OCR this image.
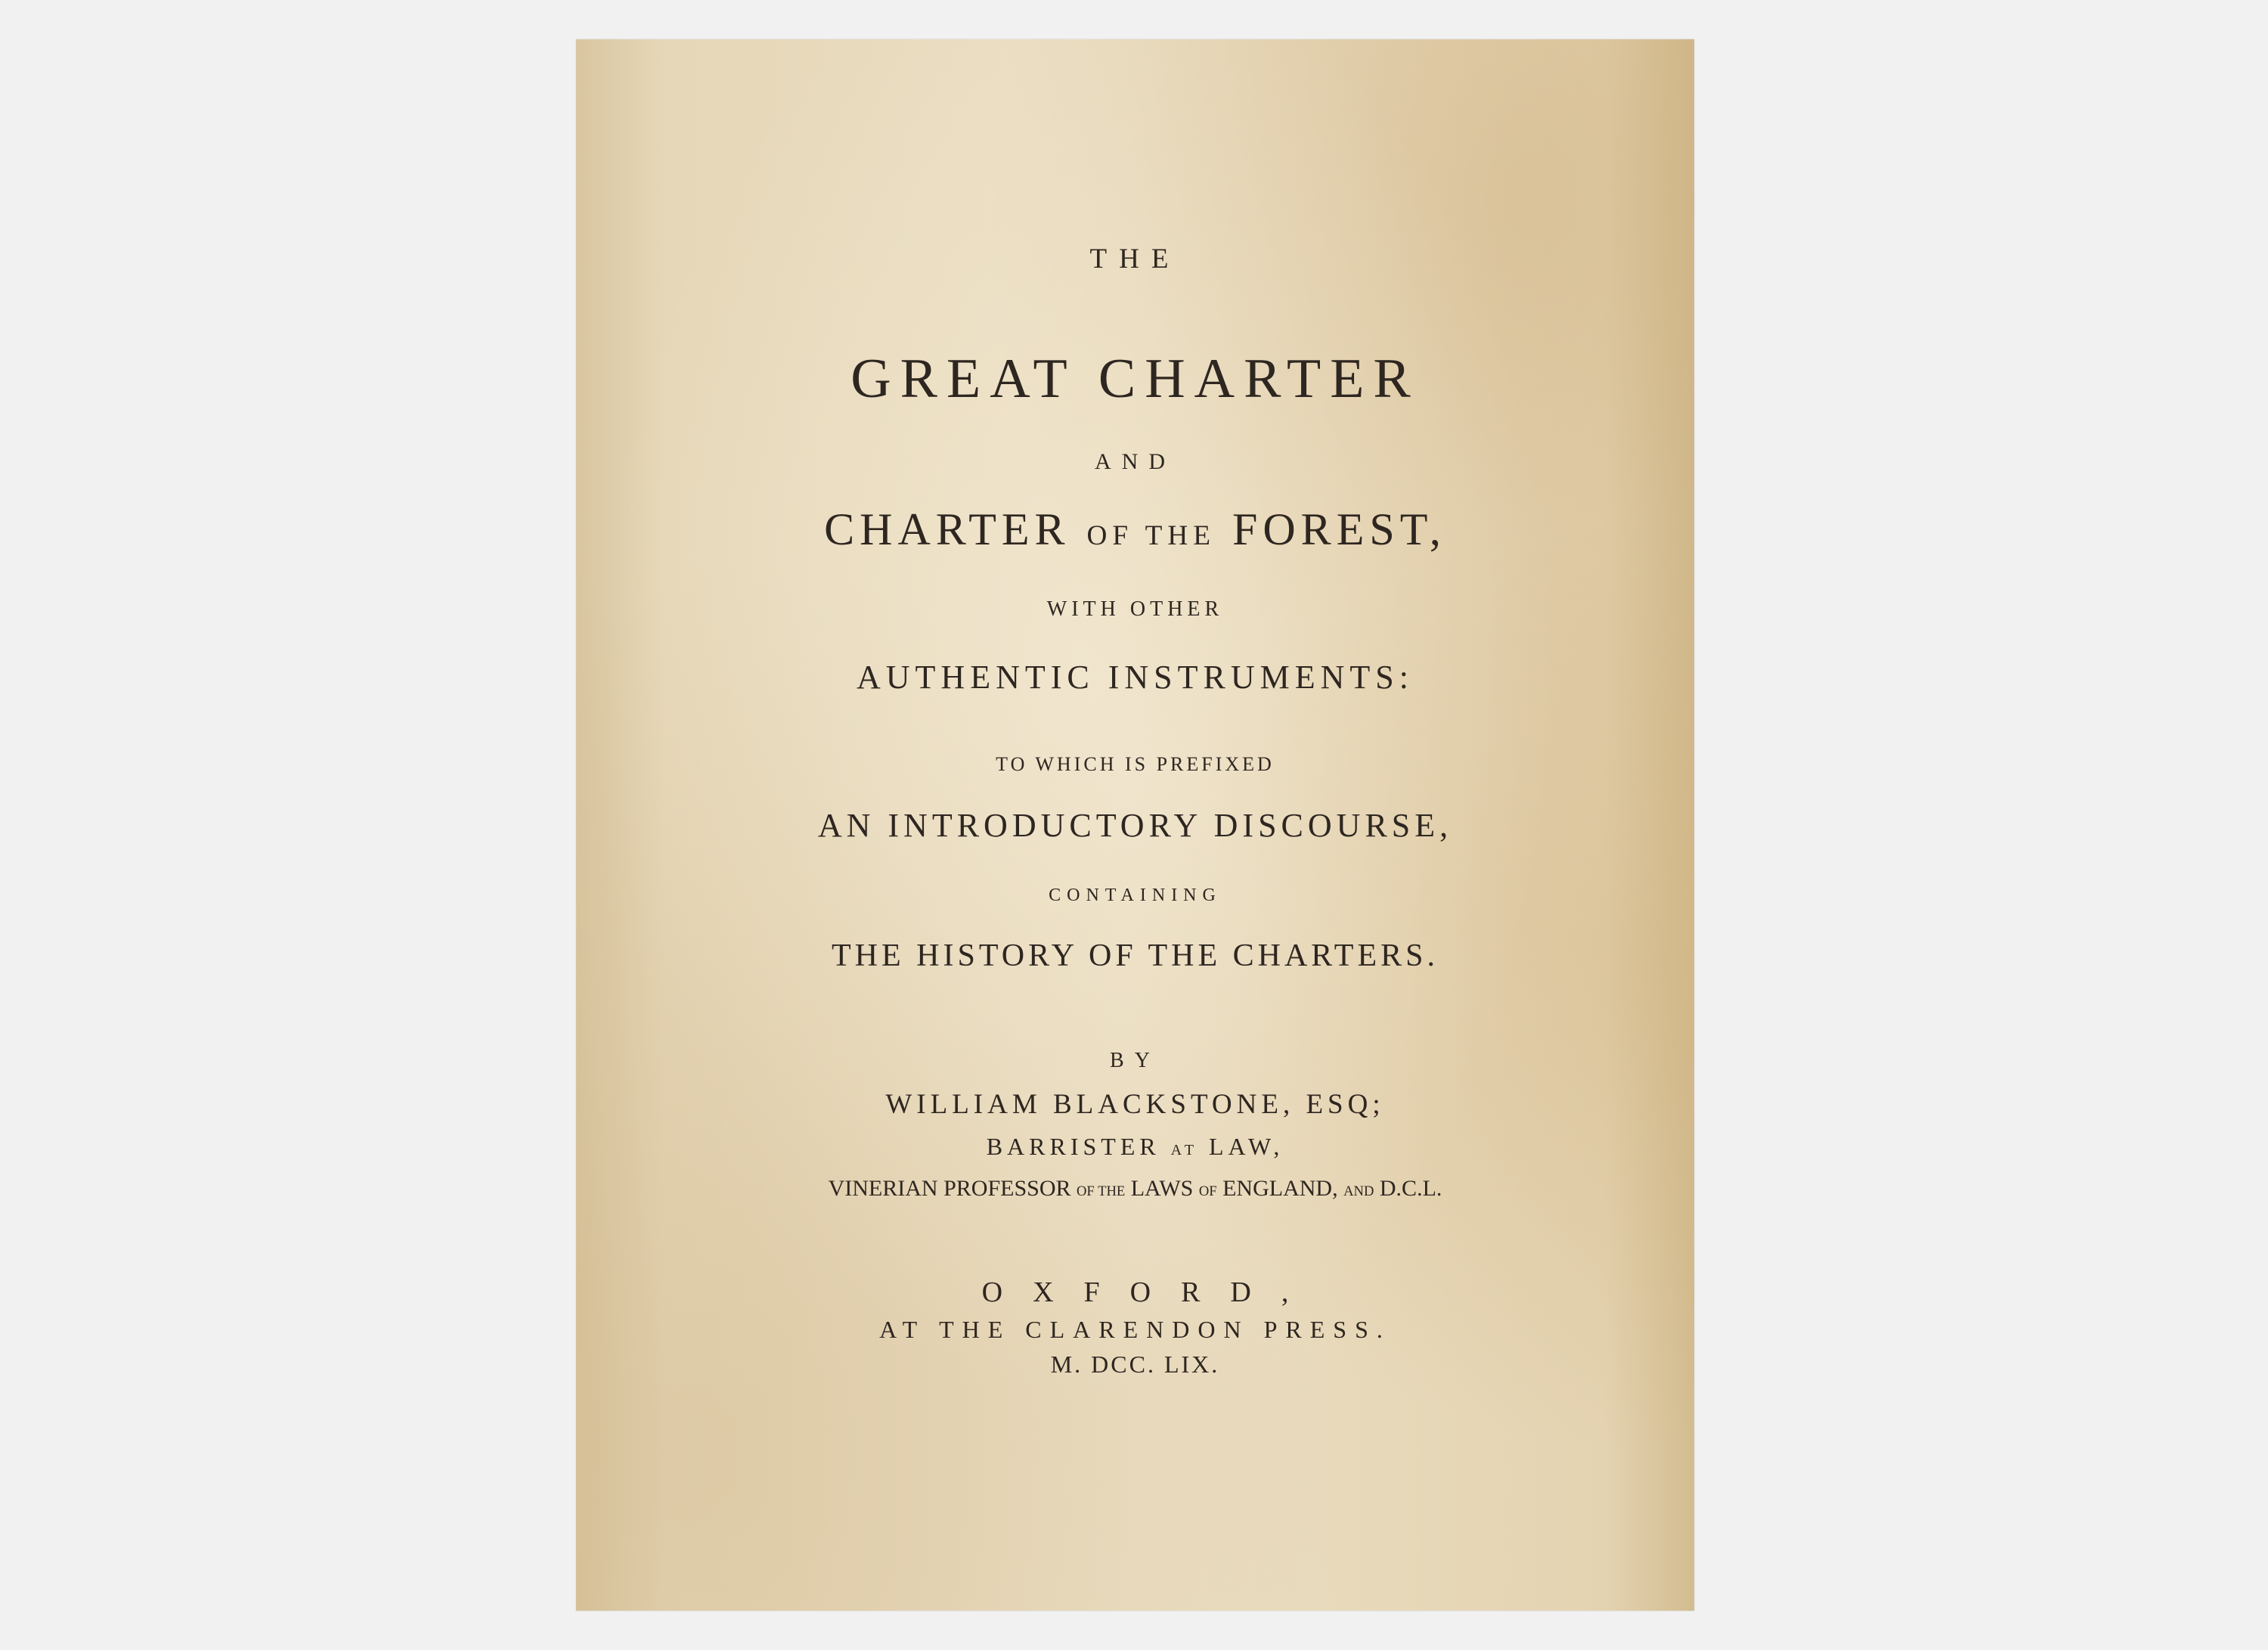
THE
GREAT CHARTER
AND
CHARTER OF THE FOREST,
WITH OTHER
AUTHENTIC INSTRUMENTS:
TO WHICH IS PREFIXED
AN INTRODUCTORY DISCOURSE,
CONTAINING
THE HISTORY OF THE CHARTERS.
BY
WILLIAM BLACKSTONE, ESQ;
BARRISTER AT LAW,
VINERIAN PROFESSOR OF THE LAWS OF ENGLAND, AND D.C.L.
OXFORD,
AT THE CLARENDON PRESS.
M. DCC. LIX.
